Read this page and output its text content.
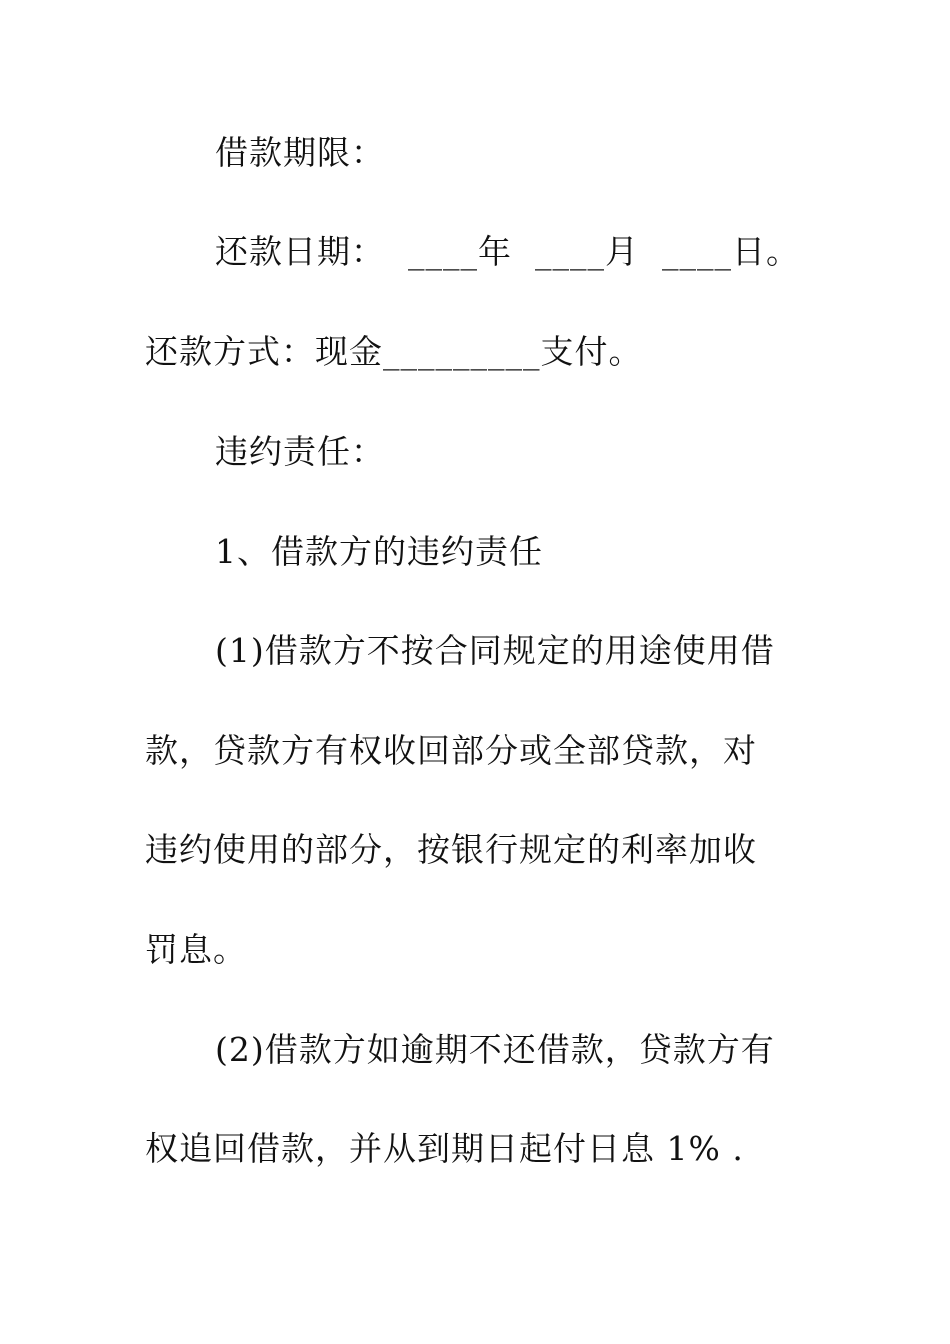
借款期限：
还款日期：  ____年  ____月  ____日。
还款方式：现金_________支付。
违约责任：
1、借款方的违约责任
(1)借款方不按合同规定的用途使用借
款，贷款方有权收回部分或全部贷款，对
违约使用的部分，按银行规定的利率加收
罚息。
(2)借款方如逾期不还借款，贷款方有
权追回借款，并从到期日起付日息 1% .
